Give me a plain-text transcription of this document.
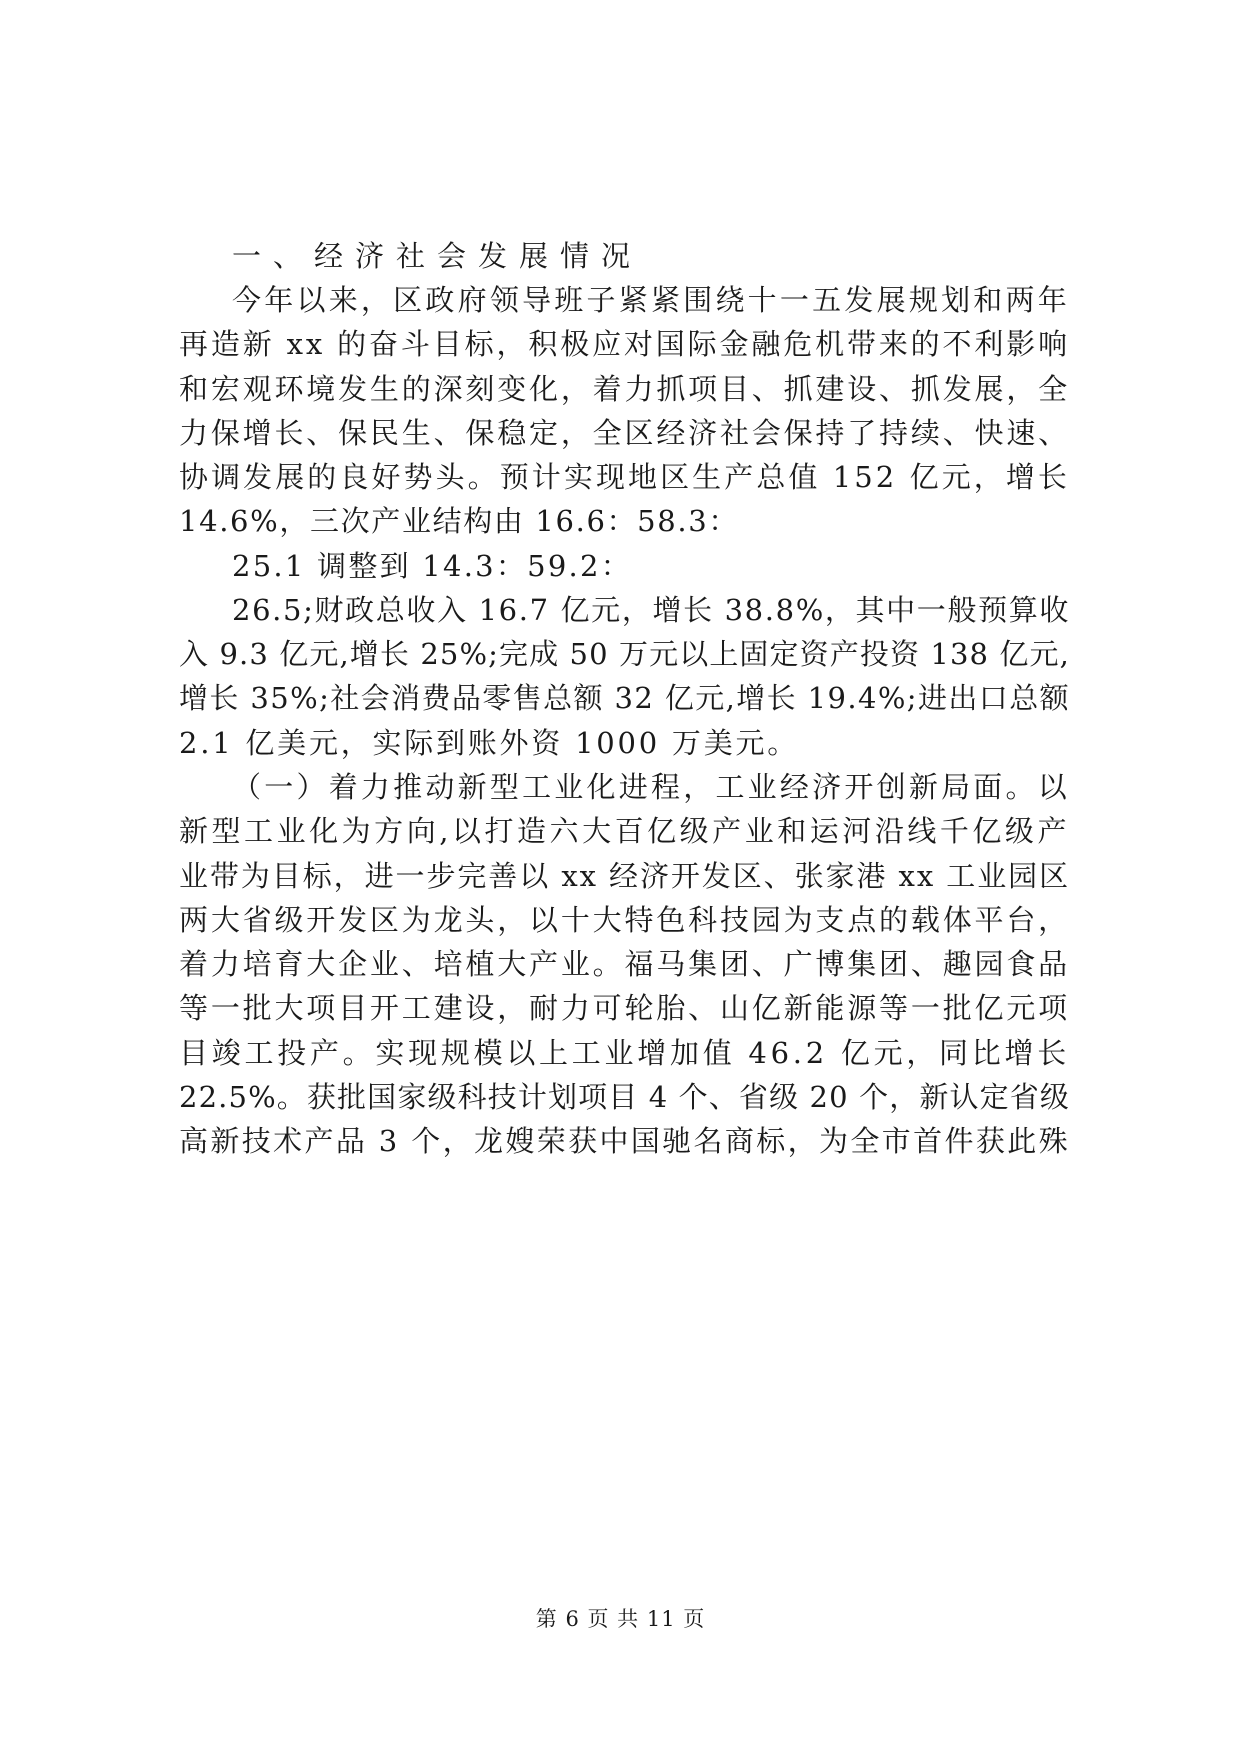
一、经济社会发展情况
今年以来，区政府领导班子紧紧围绕十一五发展规划和两年
再造新 xx 的奋斗目标，积极应对国际金融危机带来的不利影响
和宏观环境发生的深刻变化，着力抓项目、抓建设、抓发展，全
力保增长、保民生、保稳定，全区经济社会保持了持续、快速、
协调发展的良好势头。预计实现地区生产总值 152 亿元，增长
14.6%，三次产业结构由 16.6：58.3：
25.1 调整到 14.3：59.2：
26.5;财政总收入 16.7 亿元，增长 38.8%，其中一般预算收
入 9.3 亿元,增长 25%;完成 50 万元以上固定资产投资 138 亿元,
增长 35%;社会消费品零售总额 32 亿元,增长 19.4%;进出口总额
2.1 亿美元，实际到账外资 1000 万美元。
（一）着力推动新型工业化进程，工业经济开创新局面。以
新型工业化为方向,以打造六大百亿级产业和运河沿线千亿级产
业带为目标，进一步完善以 xx 经济开发区、张家港 xx 工业园区
两大省级开发区为龙头，以十大特色科技园为支点的载体平台，
着力培育大企业、培植大产业。福马集团、广博集团、趣园食品
等一批大项目开工建设，耐力可轮胎、山亿新能源等一批亿元项
目竣工投产。实现规模以上工业增加值 46.2 亿元，同比增长
22.5%。获批国家级科技计划项目 4 个、省级 20 个，新认定省级
高新技术产品 3 个，龙嫂荣获中国驰名商标，为全市首件获此殊
第 6 页 共 11 页
